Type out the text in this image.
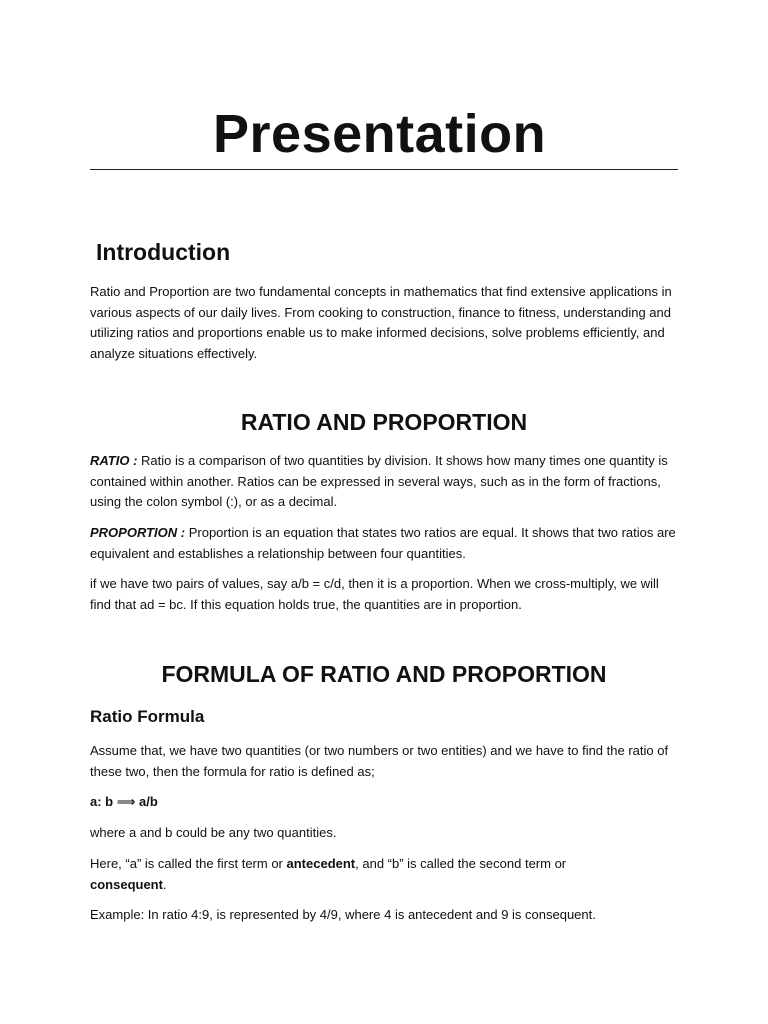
Presentation
Introduction

Ratio and Proportion are two fundamental concepts in mathematics that find extensive applications in various aspects of our daily lives. From cooking to construction, finance to fitness, understanding and utilizing ratios and proportions enable us to make informed decisions, solve problems efficiently, and analyze situations effectively.

RATIO AND PROPORTION

RATIO : Ratio is a comparison of two quantities by division. It shows how many times one quantity is contained within another. Ratios can be expressed in several ways, such as in the form of fractions, using the colon symbol (:), or as a decimal.

PROPORTION : Proportion is an equation that states two ratios are equal. It shows that two ratios are equivalent and establishes a relationship between four quantities.

if we have two pairs of values, say a/b = c/d, then it is a proportion. When we cross-multiply, we will find that ad = bc. If this equation holds true, the quantities are in proportion.

FORMULA OF RATIO AND PROPORTION
Ratio Formula

Assume that, we have two quantities (or two numbers or two entities) and we have to find the ratio of these two, then the formula for ratio is defined as;

a: b ⟹ a/b

where a and b could be any two quantities.

Here, “a” is called the first term or antecedent, and “b” is called the second term or consequent.

Example: In ratio 4:9, is represented by 4/9, where 4 is antecedent and 9 is consequent.
